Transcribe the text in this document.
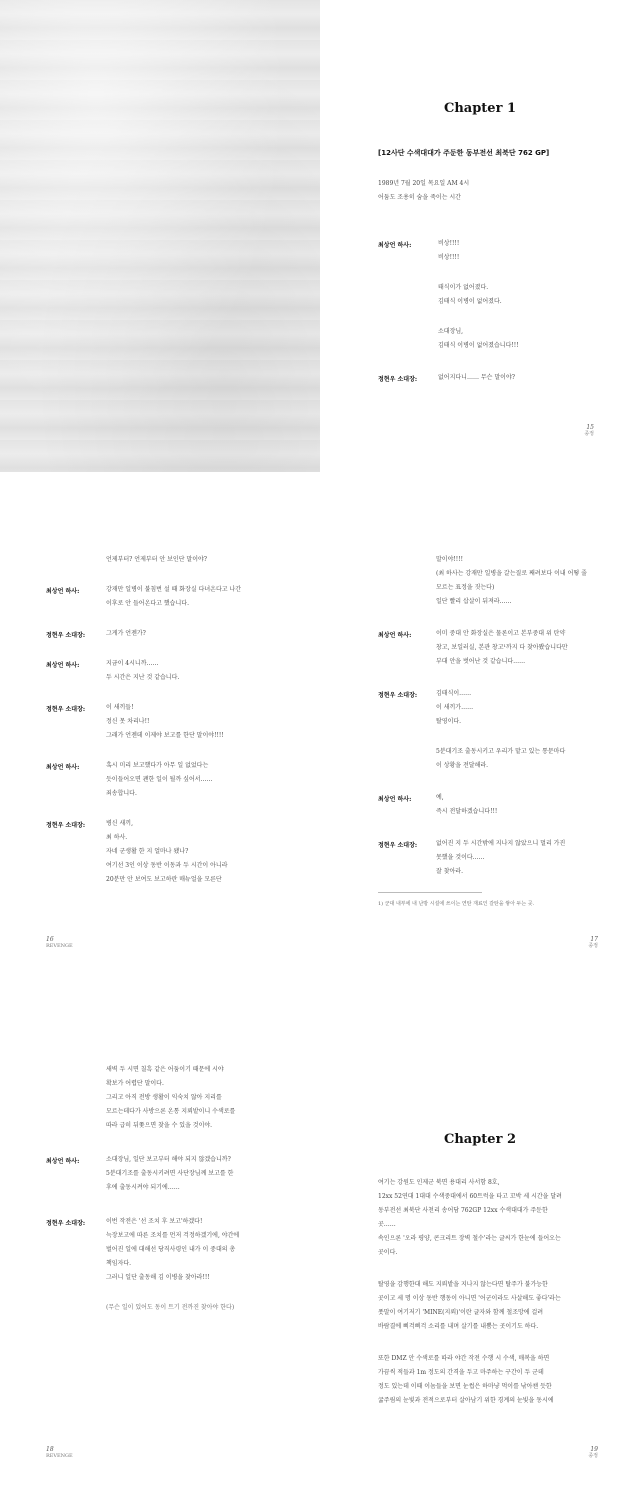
Chapter 1
[12사단 수색대대가 주둔한 동부전선 최북단 762 GP]
1989년 7월 20일 목요일 AM 4시
어둠도 조용히 숨을 죽이는 시간
최상언 하사:	비상!!!!
비상!!!!
태식이가 없어졌다.
김태식 이병이 없어졌다.
소대장님,
김태식 이병이 없어졌습니다!!!
정현우 소대장:	없어지다니…… 무슨 말이야?
15
종정
언제부터? 언제부터 안 보인단 말이야?
최상언 하사:	강재만 일병이 불침번 설 때 화장실 다녀온다고 나간
이후로 안 들어온다고 했습니다.
정현우 소대장:	그게가 언젠가?
최상언 하사:	지금이 4시니까……
두 시간은 지난 것 같습니다.
정현우 소대장:	이 새끼들!
정신 못 차리나!!
그래가 언젠데 이제야 보고를 한단 말이야!!!!
최상언 하사:	혹시 미리 보고했다가 아무 일 없었다는
듯이들어오면 괜한 일이 될까 싶어서……
죄송합니다.
정현우 소대장:	병신 새끼,
최 하사.
자네 군생활 한 지 얼마나 됐나?
여기선 3인 이상 동반 이동과 두 시간이 아니라
20분만 안 보여도 보고하란 매뉴얼을 모른단
16
REVENGE
말이야!!!!
(최 하사는 강재만 일병을 갈는질로 째려보다 이내 어떻 줄
모르는 표정을 짓는다)
일단 빨리 삽살이 뒤져라……
최상언 하사:	이미 중대 안 화장실은 물론이고 본부중대 위 탄약
창고, 보일러실, 본관 창고¹까지 다 찾아봤습니다만
부대 안을 벗어난 것 같습니다……
정현우 소대장:	김태식이……
이 새끼가……
탈영이다.
5분대기조 출동시키고 우리가 맡고 있는 통문마다
이 상황을 전달해라.
최상언 하사:	예,
즉시 전달하겠습니다!!!
정현우 소대장:	없어진 지 두 시간밖에 지나지 않았으니 멀리 가진
못했을 것이다……
잘 찾아라.
1) 군대 내부에 내 난방 시설에 쓰이는 연탄 재료인 갈탄을 쌓아 두는 곳.
17
종정
새벽 두 시면 칠흑 같은 어둠이기 때문에 시야
확보가 어렵단 말이다.
그리고 아직 전방 생활이 익숙치 않아 지리를
모르는데다가 사방으론 온통 지뢰밭이니 수색로를
따라 급히 뒤쫓으면 찾을 수 있을 것이야.
최상언 하사:	소대장님, 일단 보고부터 해야 되지 않겠습니까?
5분대기조를 출동시키려면 사단장님께 보고를 한
후에 출동시켜야 되기에……
정현우 소대장:	이번 작전은 '선 조치 후 보고'하겠다!
늑장보고에 따른 조치를 먼저 걱정하겠기에, 야간에
벌어진 일에 대해선 당직사령인 내가 이 중대의 총
책임자다.
그러니 일단 출동해 김 이병을 찾아라!!!
(무슨 일이 있어도 동이 트기 전까진 찾아야 한다)
18
REVENGE
Chapter 2
여기는 강원도 인제군 북면 용대리 사서함 8호,
12xx 52연대 1대대 수색중대에서 60트럭을 타고 꼬박 세 시간을 달려
동부전선 최북단 사천리 송어담 762GP 12xx 수색대대가 주둔한
곳……
속인으론 '오라 평양, 콘크리트 장벽 철수'라는 글씨가 한눈에 들어오는
곳이다.
탈영을 감행한대 해도 지뢰밭을 지나지 않는다면 탈주가 불가능한
곳이고 세 명 이상 동반 행동이 아니면 '어군이라도 사살해도 좋다'라는
폿말이 여기저기 'MINE(지뢰)'이란 글자와 함께 철조망에 걸려
바람결에 삐걱삐걱 소리를 내며 살기를 내뿜는 곳이기도 하다.
또한 DMZ 안 수색로를 따라 야간 작전 수행 시 수색, 매복을 하면
가끔씩 적들과 1m 정도의 간격을 두고 마주하는 구간이 두 군데
정도 있는데 이때 이놈들을 보면 눈썹은 하마냥 먹이를 낚아챈 듯한
굶주림의 눈빛과 전적으로부터 살아남기 위한 경계의 눈빛을 동시에
19
종정
